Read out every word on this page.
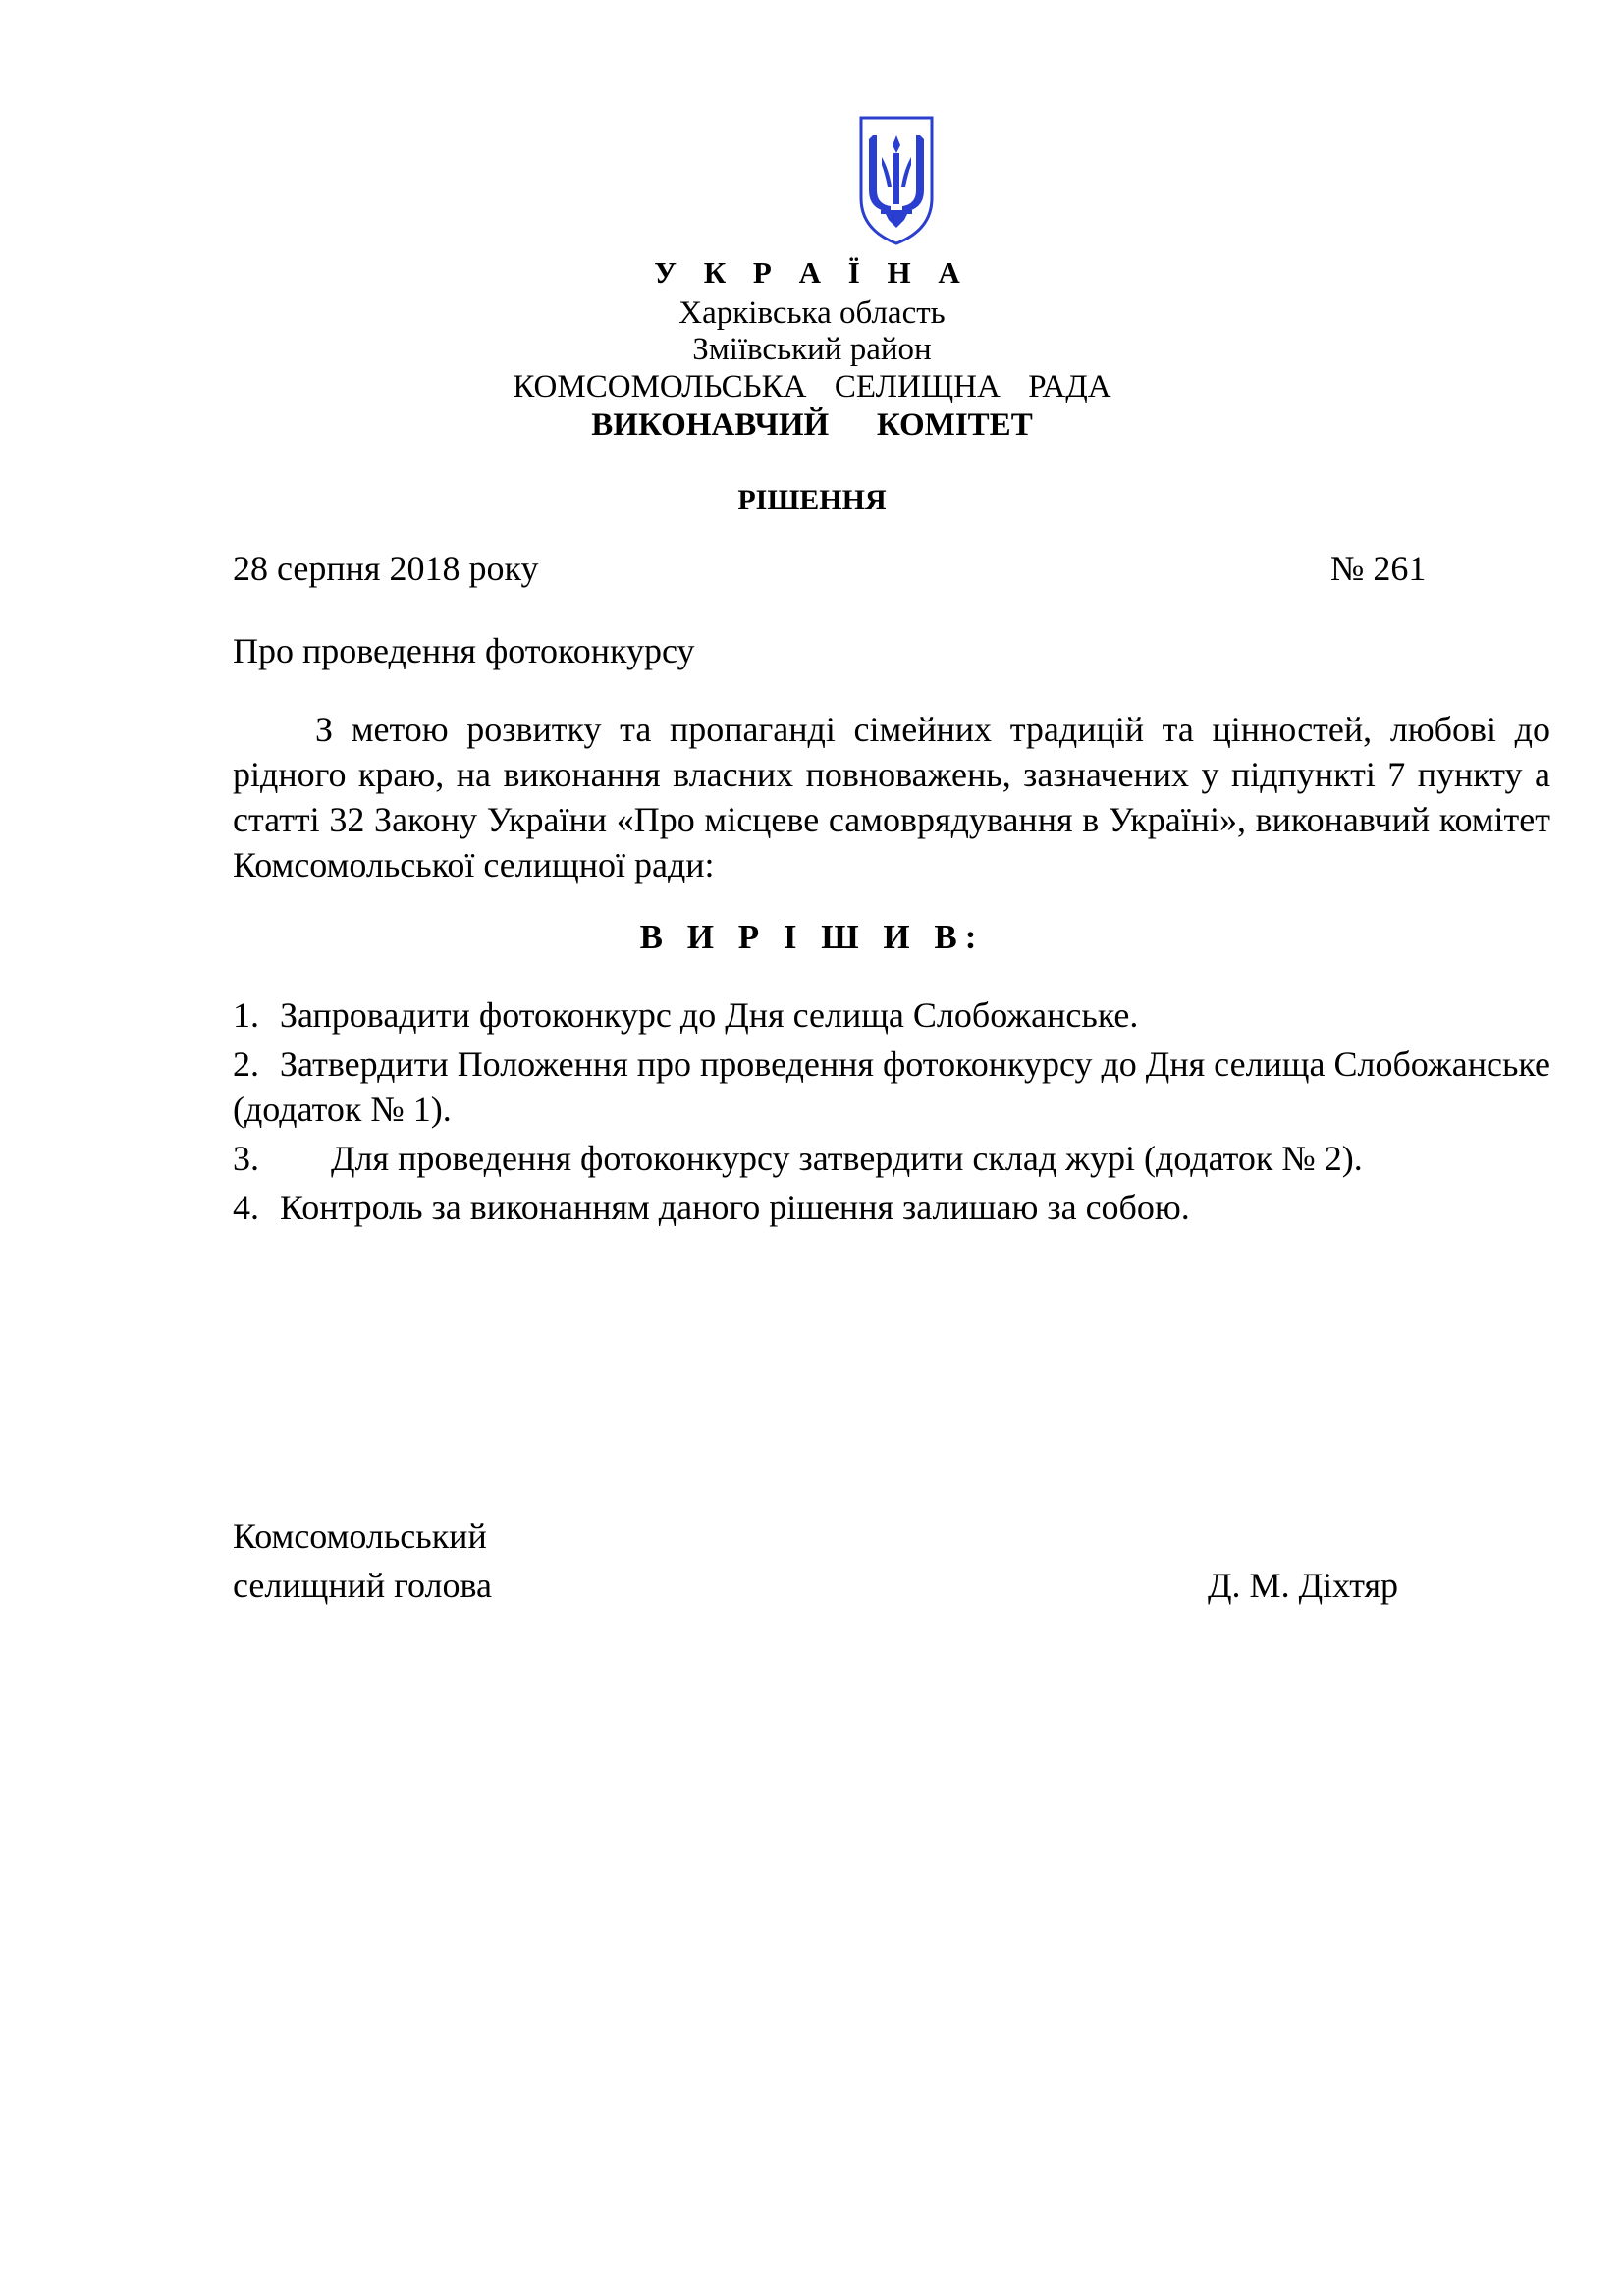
У К Р А Ї Н А
Харківська область
Зміївський район
КОМСОМОЛЬСЬКА  СЕЛИЩНА  РАДА
ВИКОНАВЧИЙ   КОМІТЕТ
РІШЕННЯ
28 серпня 2018 року	№ 261
Про проведення фотоконкурсу

З метою розвитку та пропаганді сімейних традицій та цінностей, любові до рідного краю, на виконання власних повноважень, зазначених у підпункті 7 пункту а статті 32 Закону України «Про місцеве самоврядування в Україні», виконавчий комітет Комсомольської селищної ради:

В И Р І Ш И В:
1. Запровадити фотоконкурс до Дня селища Слобожанське.
2. Затвердити Положення про проведення фотоконкурсу до Дня селища Слобожанське  (додаток № 1).
3. Для проведення фотоконкурсу затвердити склад журі (додаток № 2).
4. Контроль за виконанням даного рішення залишаю за собою.
Комсомольський
селищний голова	Д. М. Діхтяр
